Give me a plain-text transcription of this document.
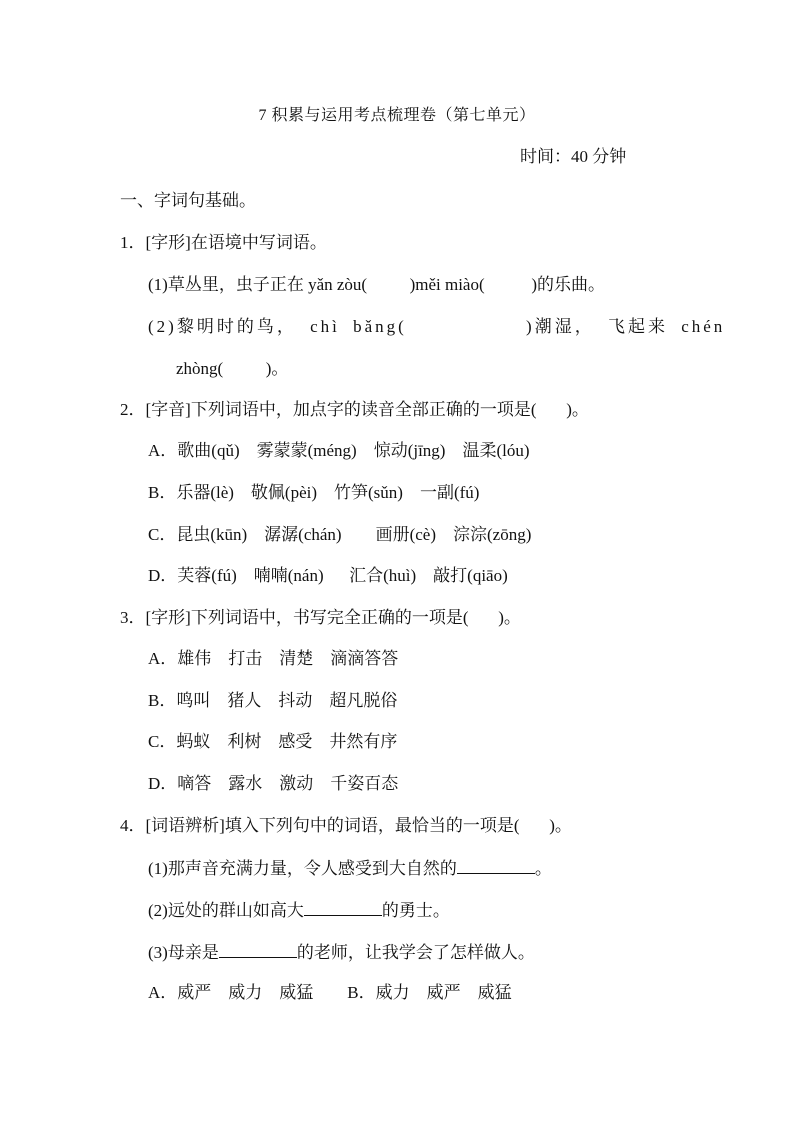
7 积累与运用考点梳理卷（第七单元）
时间：40 分钟
一、字词句基础。
1．[字形]在语境中写词语。
(1)草丛里，虫子正在 yǎn zòu(          )měi miào(           )的乐曲。
(2)黎明时的鸟， chì bǎng(         )潮湿， 飞起来 chén
zhòng(          )。
2．[字音]下列词语中，加点字的读音全部正确的一项是(       )。
A．歌曲(qǔ)    雾蒙蒙(méng)    惊动(jīng)    温柔(lóu)
B．乐器(lè)    敬佩(pèi)    竹笋(sǔn)    一副(fú)
C．昆虫(kūn)    潺潺(chán)        画册(cè)    淙淙(zōng)
D．芙蓉(fú)    喃喃(nán)      汇合(huì)    敲打(qiāo)
3．[字形]下列词语中，书写完全正确的一项是(       )。
A．雄伟    打击    清楚    滴滴答答
B．鸣叫    猪人    抖动    超凡脱俗
C．蚂蚁    利树    感受    井然有序
D．嘀答    露水    激动    千姿百态
4．[词语辨析]填入下列句中的词语，最恰当的一项是(       )。
(1)那声音充满力量，令人感受到大自然的	。
(2)远处的群山如高大	的勇士。
(3)母亲是	的老师，让我学会了怎样做人。
A．威严    威力    威猛        B．威力    威严    威猛
